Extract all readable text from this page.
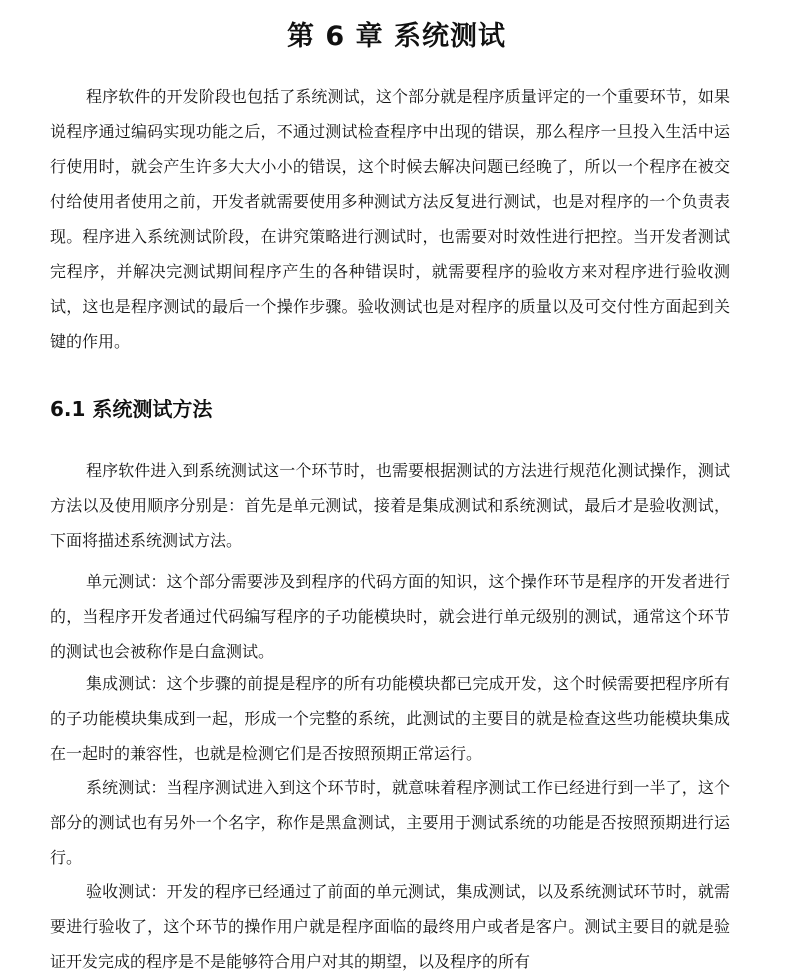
第 6 章 系统测试

程序软件的开发阶段也包括了系统测试，这个部分就是程序质量评定的一个重要环节，如果说程序通过编码实现功能之后，不通过测试检查程序中出现的错误，那么程序一旦投入生活中运行使用时，就会产生许多大大小小的错误，这个时候去解决问题已经晚了，所以一个程序在被交付给使用者使用之前，开发者就需要使用多种测试方法反复进行测试，也是对程序的一个负责表现。程序进入系统测试阶段，在讲究策略进行测试时，也需要对时效性进行把控。当开发者测试完程序，并解决完测试期间程序产生的各种错误时，就需要程序的验收方来对程序进行验收测试，这也是程序测试的最后一个操作步骤。验收测试也是对程序的质量以及可交付性方面起到关键的作用。

6.1 系统测试方法

程序软件进入到系统测试这一个环节时，也需要根据测试的方法进行规范化测试操作，测试方法以及使用顺序分别是：首先是单元测试，接着是集成测试和系统测试，最后才是验收测试，下面将描述系统测试方法。

单元测试：这个部分需要涉及到程序的代码方面的知识，这个操作环节是程序的开发者进行的，当程序开发者通过代码编写程序的子功能模块时，就会进行单元级别的测试，通常这个环节的测试也会被称作是白盒测试。

集成测试：这个步骤的前提是程序的所有功能模块都已完成开发，这个时候需要把程序所有的子功能模块集成到一起，形成一个完整的系统，此测试的主要目的就是检查这些功能模块集成在一起时的兼容性，也就是检测它们是否按照预期正常运行。

系统测试：当程序测试进入到这个环节时，就意味着程序测试工作已经进行到一半了，这个部分的测试也有另外一个名字，称作是黑盒测试，主要用于测试系统的功能是否按照预期进行运行。

验收测试：开发的程序已经通过了前面的单元测试，集成测试，以及系统测试环节时，就需要进行验收了，这个环节的操作用户就是程序面临的最终用户或者是客户。测试主要目的就是验证开发完成的程序是不是能够符合用户对其的期望，以及程序的所有
